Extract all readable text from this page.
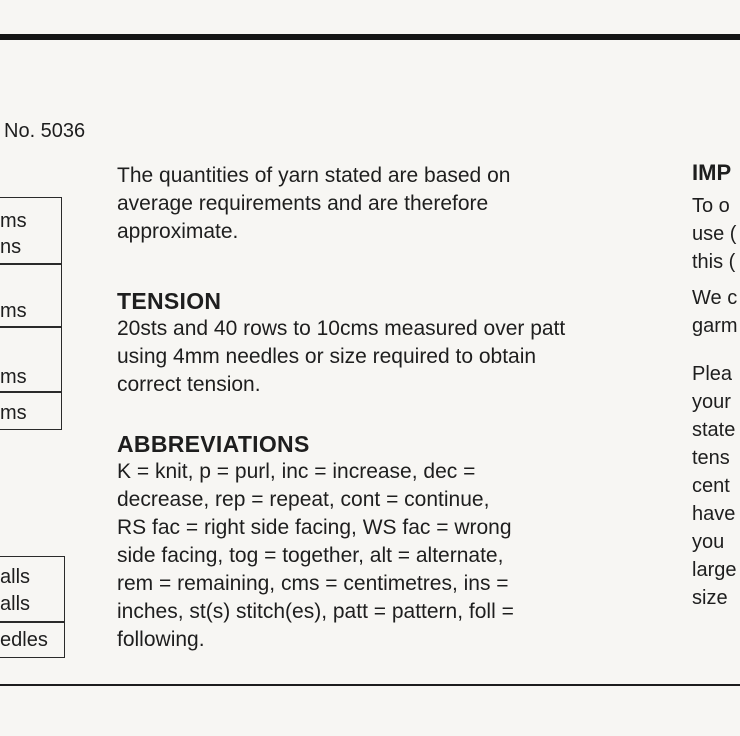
No. 5036
ms
ns
ms
ms
ms
alls
alls
edles
The quantities of yarn stated are based on
average requirements and are therefore
approximate.
TENSION
20sts and 40 rows to 10cms measured over patt
using 4mm needles or size required to obtain
correct tension.
ABBREVIATIONS
K = knit, p = purl, inc = increase, dec =
decrease, rep = repeat, cont = continue,
RS fac = right side facing, WS fac = wrong
side facing, tog = together, alt = alternate,
rem = remaining, cms = centimetres, ins =
inches, st(s) stitch(es), patt = pattern, foll =
following.
IMP
To o
use (
this (
We c
garm
Plea
your
state
tens
cent
have
you
large
size
